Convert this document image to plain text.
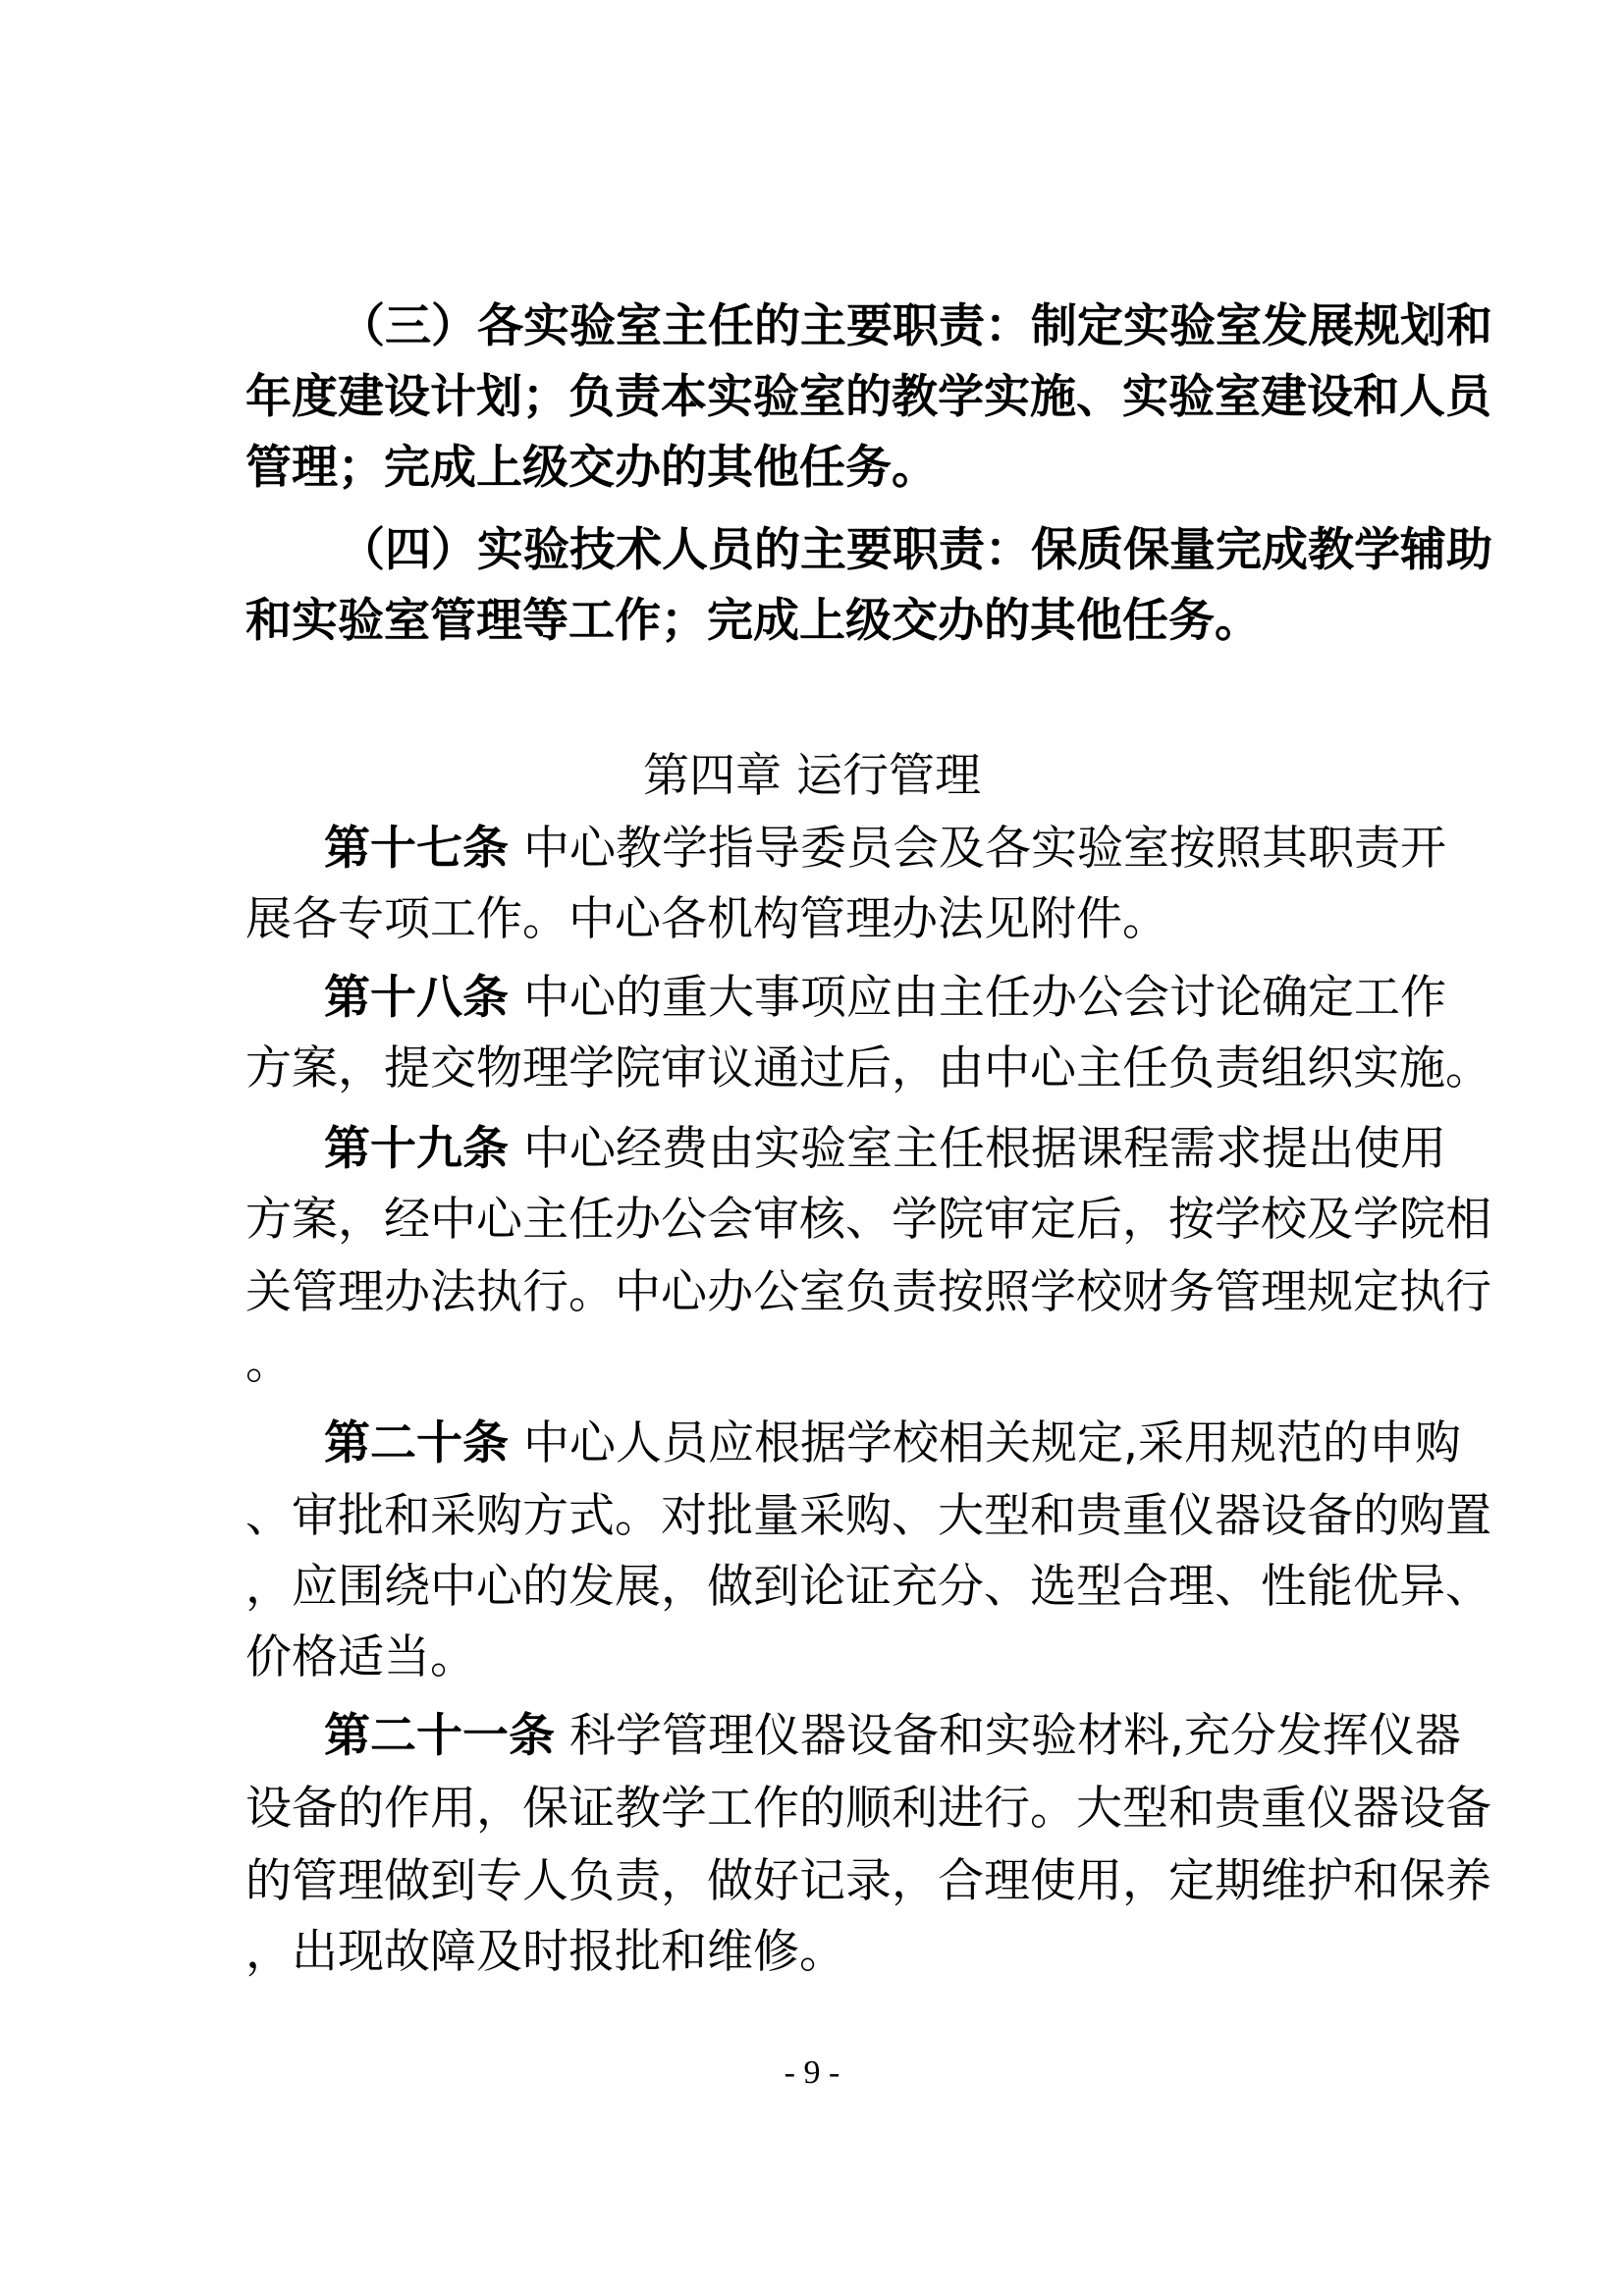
（三）各实验室主任的主要职责：制定实验室发展规划和
年度建设计划；负责本实验室的教学实施、实验室建设和人员
管理；完成上级交办的其他任务。
（四）实验技术人员的主要职责：保质保量完成教学辅助
和实验室管理等工作；完成上级交办的其他任务。
第四章 运行管理
第十七条 中心教学指导委员会及各实验室按照其职责开
展各专项工作。中心各机构管理办法见附件。
第十八条 中心的重大事项应由主任办公会讨论确定工作
方案，提交物理学院审议通过后，由中心主任负责组织实施。
第十九条 中心经费由实验室主任根据课程需求提出使用
方案，经中心主任办公会审核、学院审定后，按学校及学院相
关管理办法执行。中心办公室负责按照学校财务管理规定执行
。
第二十条 中心人员应根据学校相关规定,采用规范的申购
、审批和采购方式。对批量采购、大型和贵重仪器设备的购置
，应围绕中心的发展，做到论证充分、选型合理、性能优异、
价格适当。
第二十一条 科学管理仪器设备和实验材料,充分发挥仪器
设备的作用，保证教学工作的顺利进行。大型和贵重仪器设备
的管理做到专人负责，做好记录，合理使用，定期维护和保养
，出现故障及时报批和维修。
- 9 -
